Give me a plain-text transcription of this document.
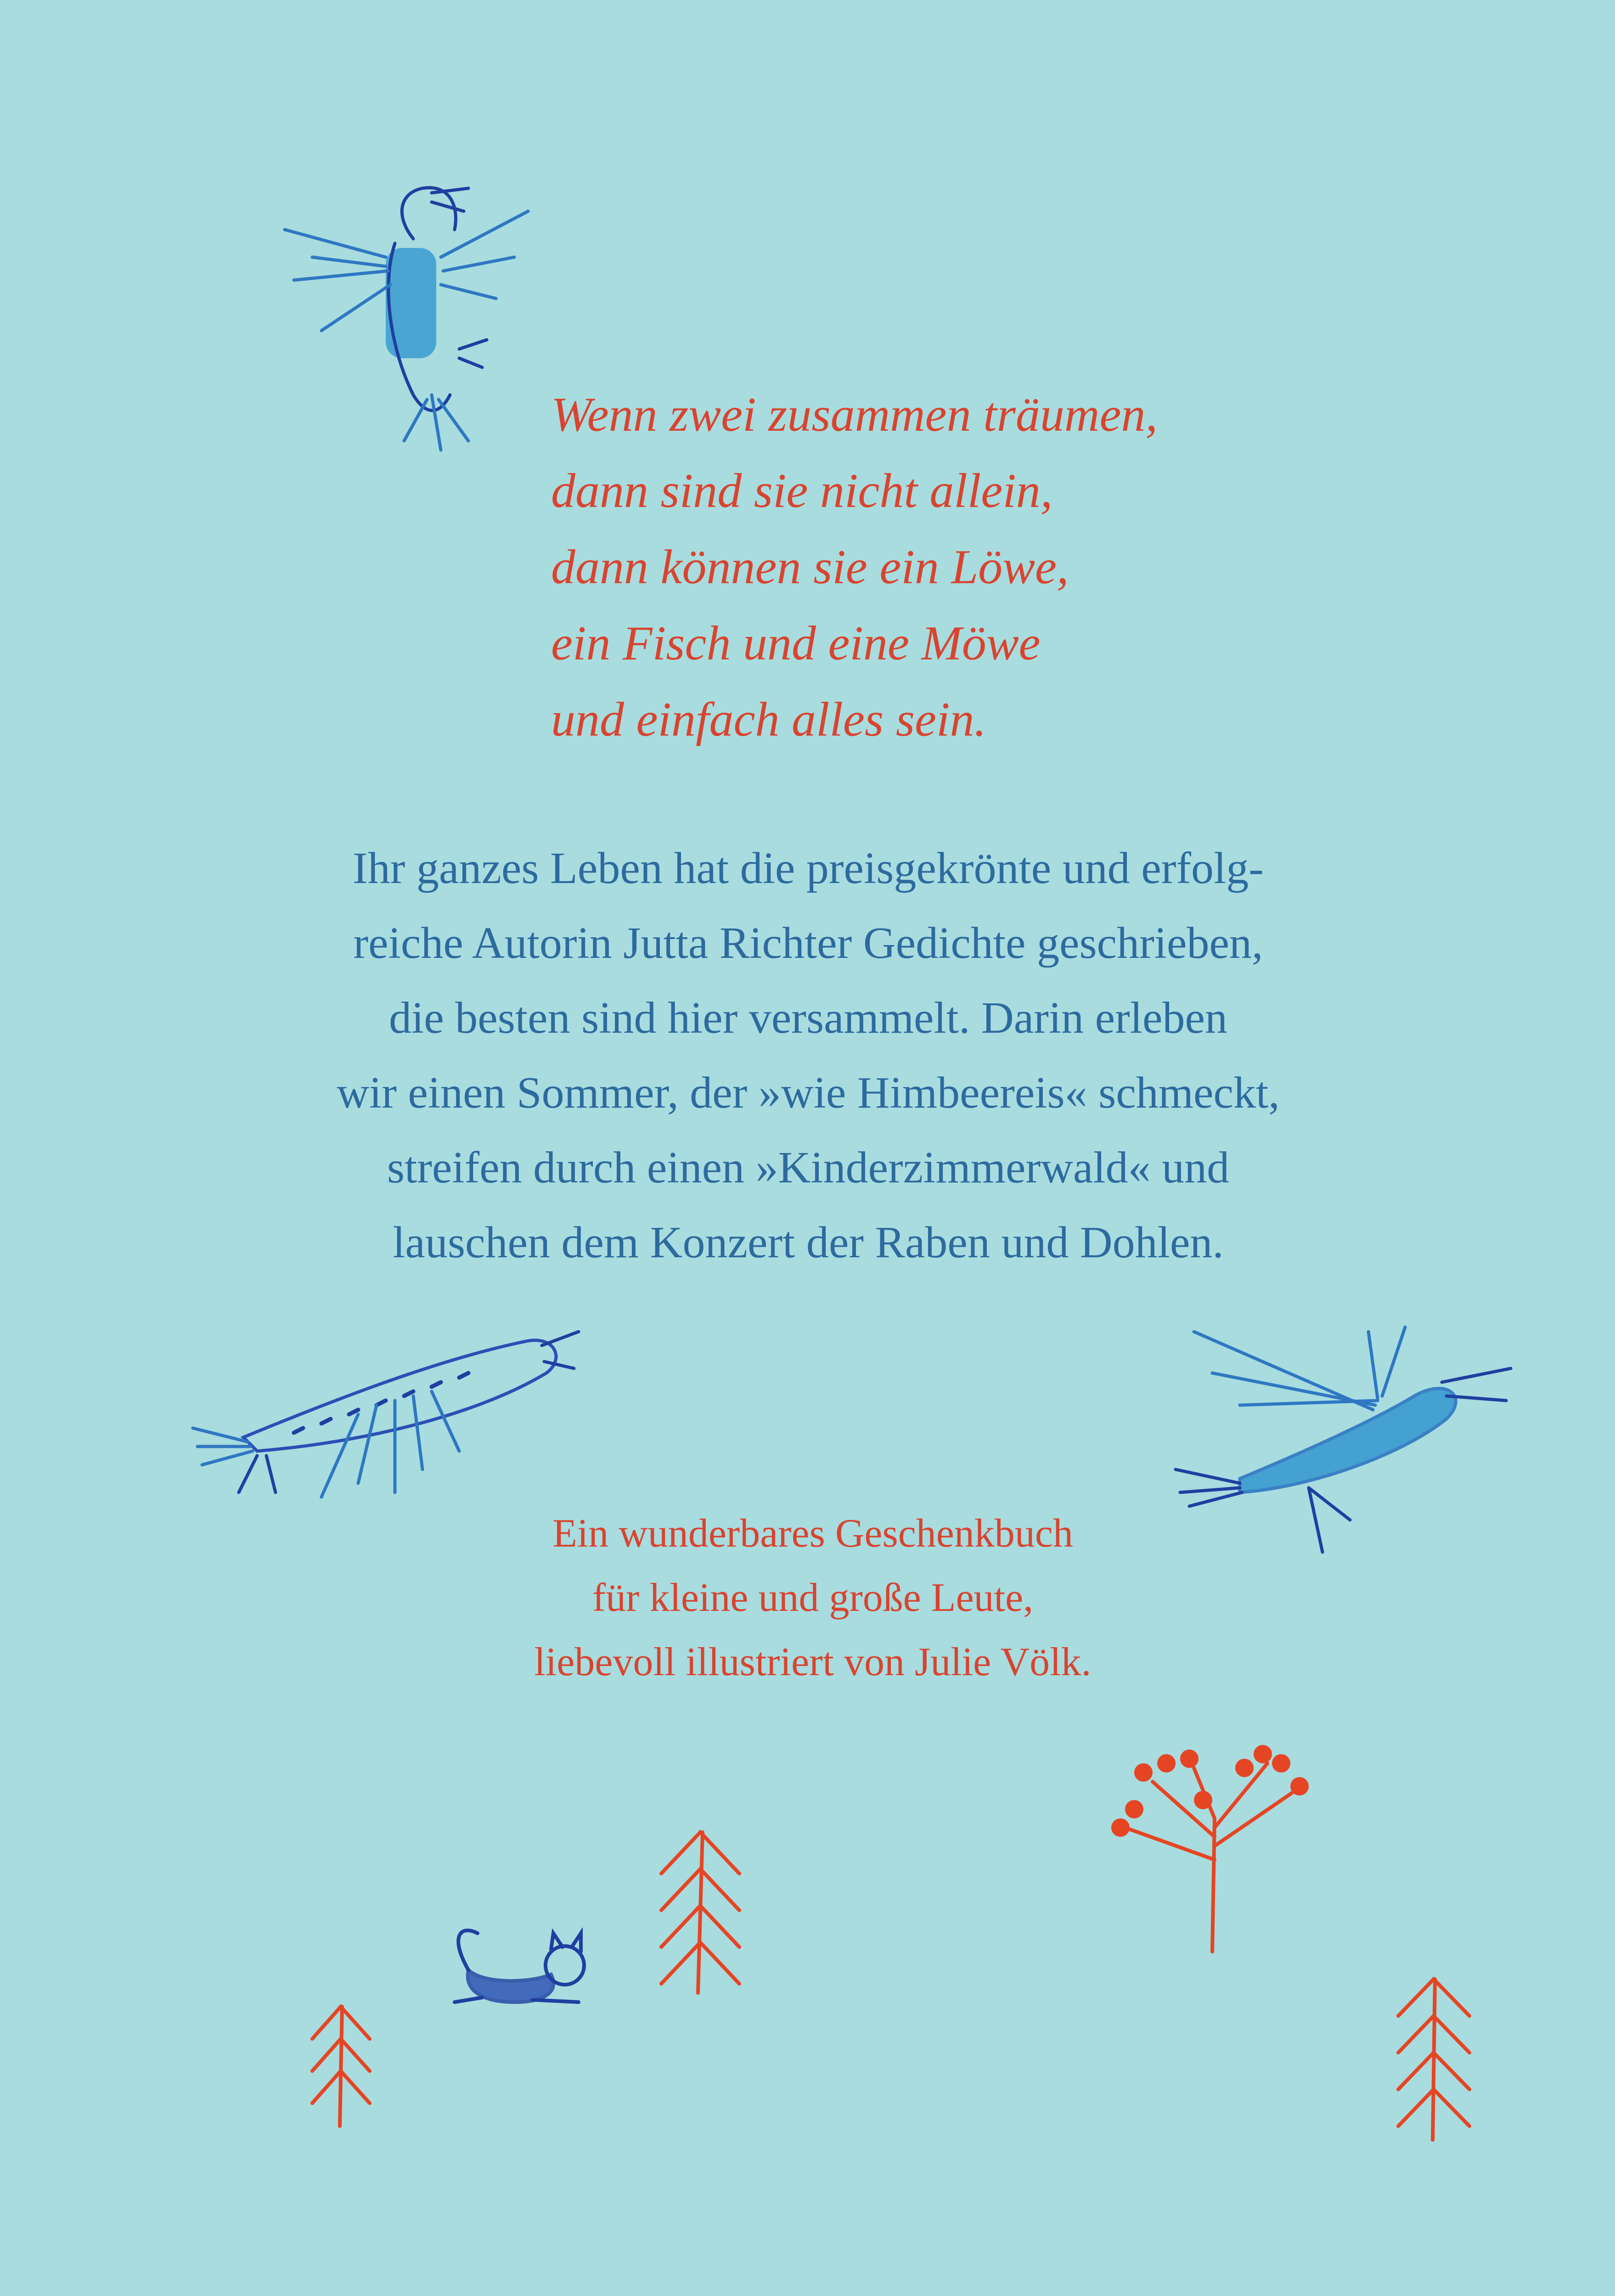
Wenn zwei zusammen träumen,
dann sind sie nicht allein,
dann können sie ein Löwe,
ein Fisch und eine Möwe
und einfach alles sein.
Ihr ganzes Leben hat die preisgekrönte und erfolg-
reiche Autorin Jutta Richter Gedichte geschrieben,
die besten sind hier versammelt. Darin erleben
wir einen Sommer, der »wie Himbeereis« schmeckt,
streifen durch einen »Kinderzimmerwald« und
lauschen dem Konzert der Raben und Dohlen.
Ein wunderbares Geschenkbuch
für kleine und große Leute,
liebevoll illustriert von Julie Völk.
